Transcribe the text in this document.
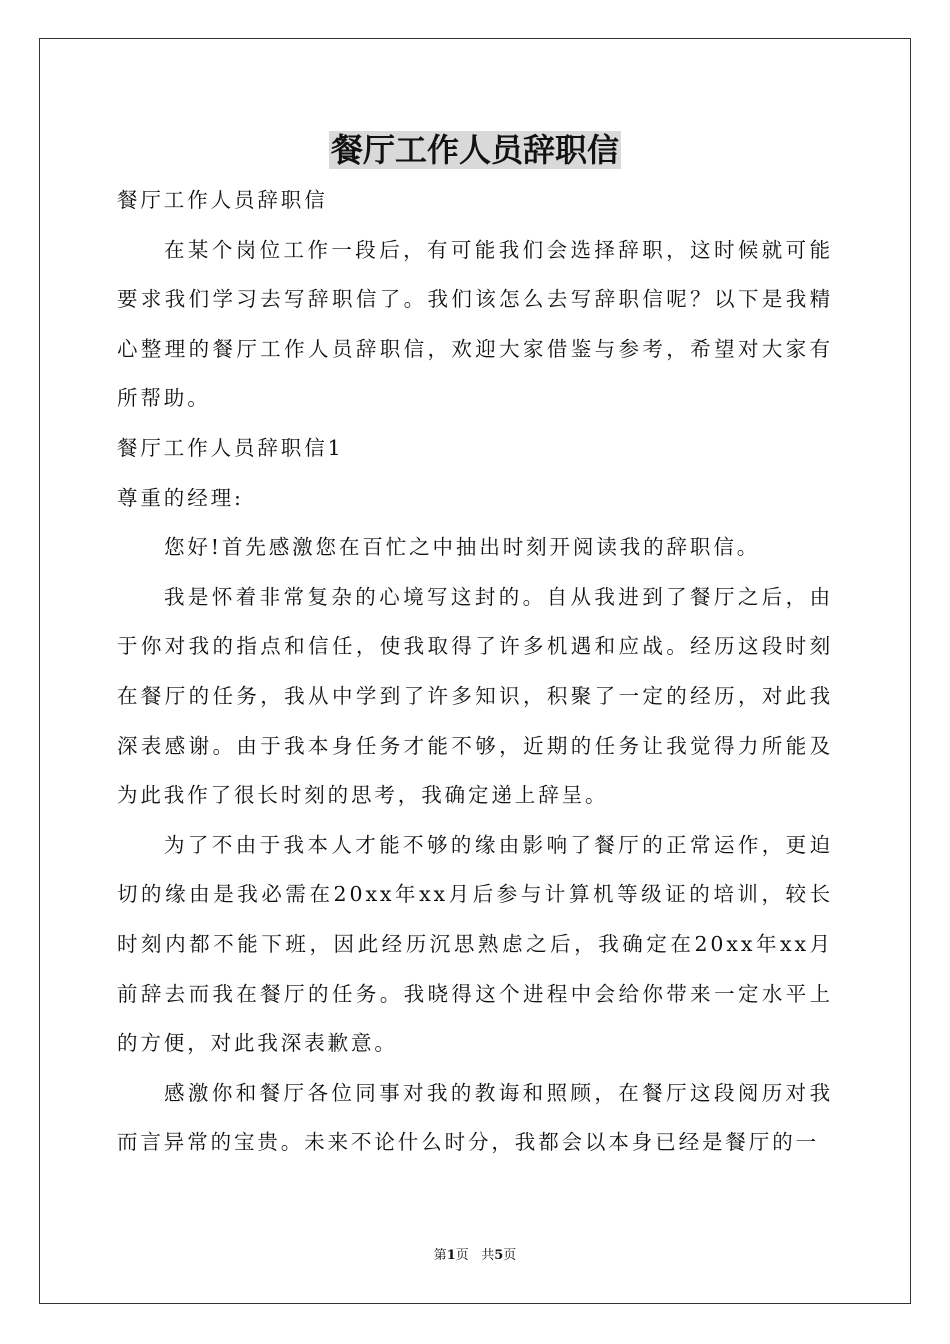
餐厅工作人员辞职信

餐厅工作人员辞职信

在某个岗位工作一段后，有可能我们会选择辞职，这时候就可能要求我们学习去写辞职信了。我们该怎么去写辞职信呢？以下是我精心整理的餐厅工作人员辞职信，欢迎大家借鉴与参考，希望对大家有所帮助。

餐厅工作人员辞职信1

尊重的经理:

您好!首先感激您在百忙之中抽出时刻开阅读我的辞职信。

我是怀着非常复杂的心境写这封的。自从我进到了餐厅之后，由于你对我的指点和信任，使我取得了许多机遇和应战。经历这段时刻在餐厅的任务，我从中学到了许多知识，积聚了一定的经历，对此我深表感谢。由于我本身任务才能不够，近期的任务让我觉得力所能及为此我作了很长时刻的思考，我确定递上辞呈。

为了不由于我本人才能不够的缘由影响了餐厅的正常运作，更迫切的缘由是我必需在20xx年xx月后参与计算机等级证的培训，较长时刻内都不能下班，因此经历沉思熟虑之后，我确定在20xx年xx月前辞去而我在餐厅的任务。我晓得这个进程中会给你带来一定水平上的方便，对此我深表歉意。

感激你和餐厅各位同事对我的教诲和照顾，在餐厅这段阅历对我而言异常的宝贵。未来不论什么时分，我都会以本身已经是餐厅的一

第1页 共5页
